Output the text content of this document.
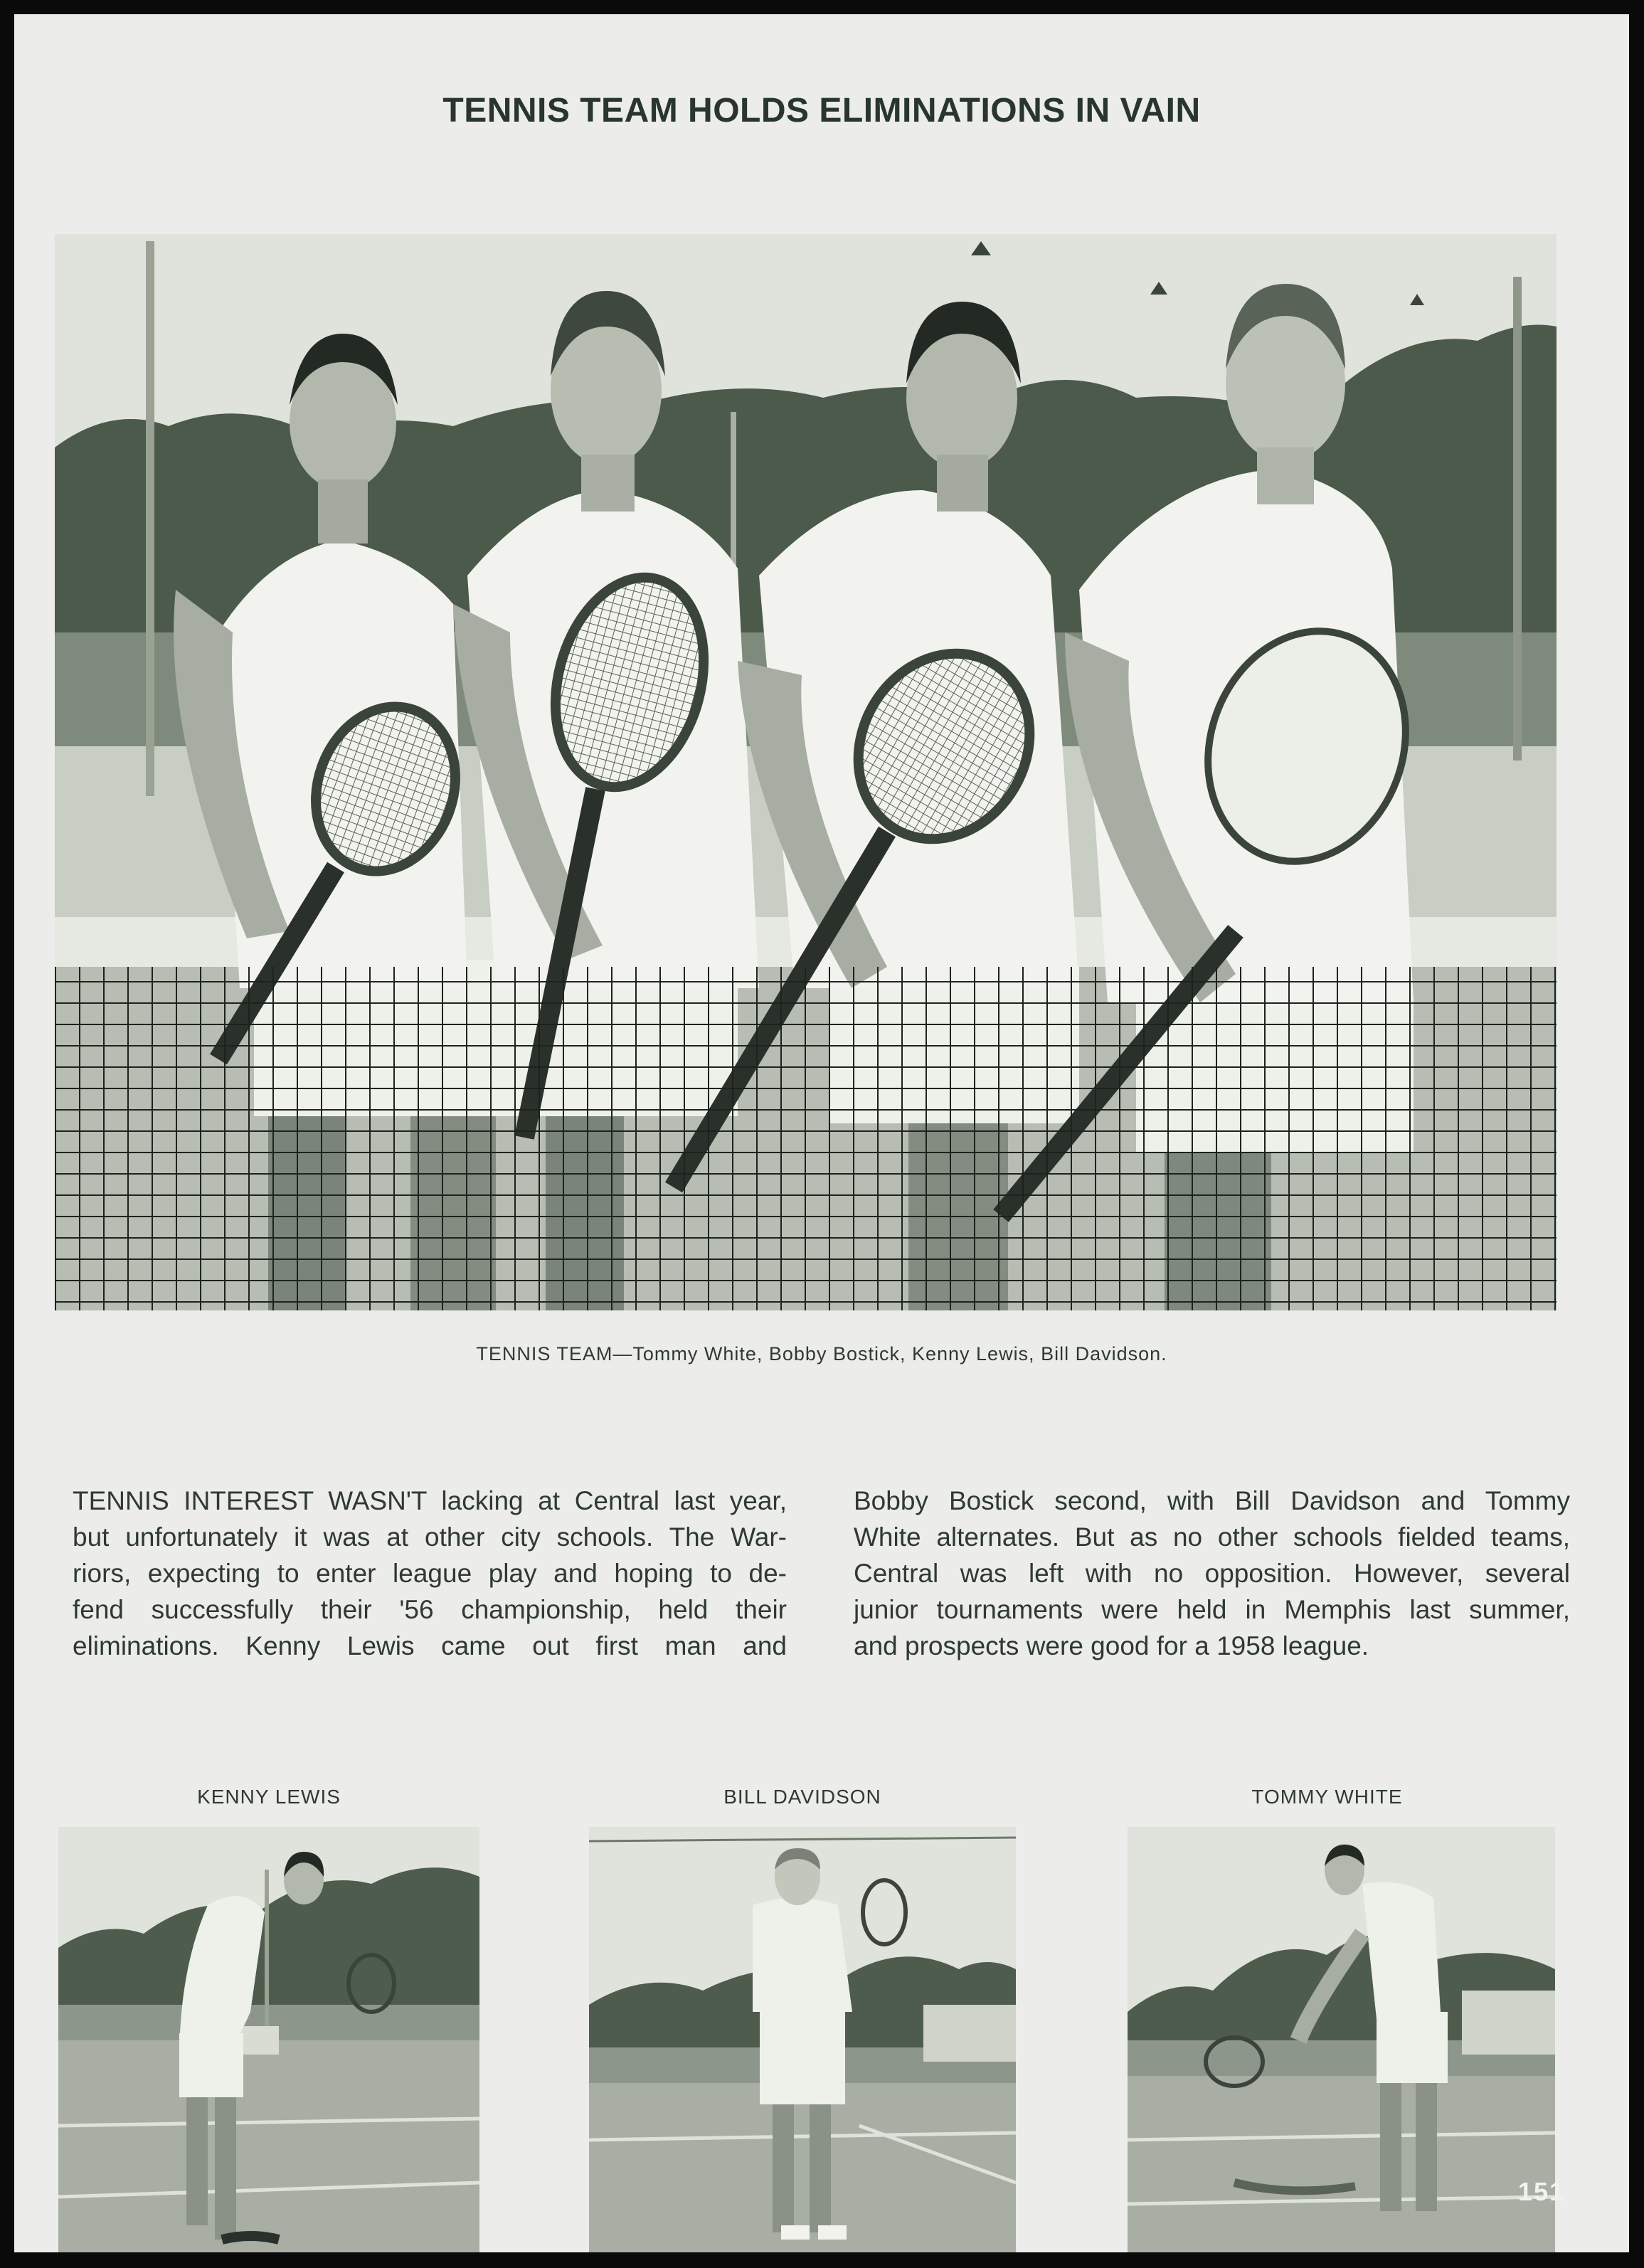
TENNIS TEAM HOLDS ELIMINATIONS IN VAIN
TENNIS TEAM—Tommy White, Bobby Bostick, Kenny Lewis, Bill Davidson.
TENNIS INTEREST WASN'T lacking at Central last year,
but unfortunately it was at other city schools. The War-
riors, expecting to enter league play and hoping to de-
fend successfully their '56 championship, held their
eliminations. Kenny Lewis came out first man and
Bobby Bostick second, with Bill Davidson and Tommy
White alternates. But as no other schools fielded teams,
Central was left with no opposition. However, several
junior tournaments were held in Memphis last summer,
and prospects were good for a 1958 league.
KENNY LEWIS	BILL DAVIDSON	TOMMY WHITE
151
